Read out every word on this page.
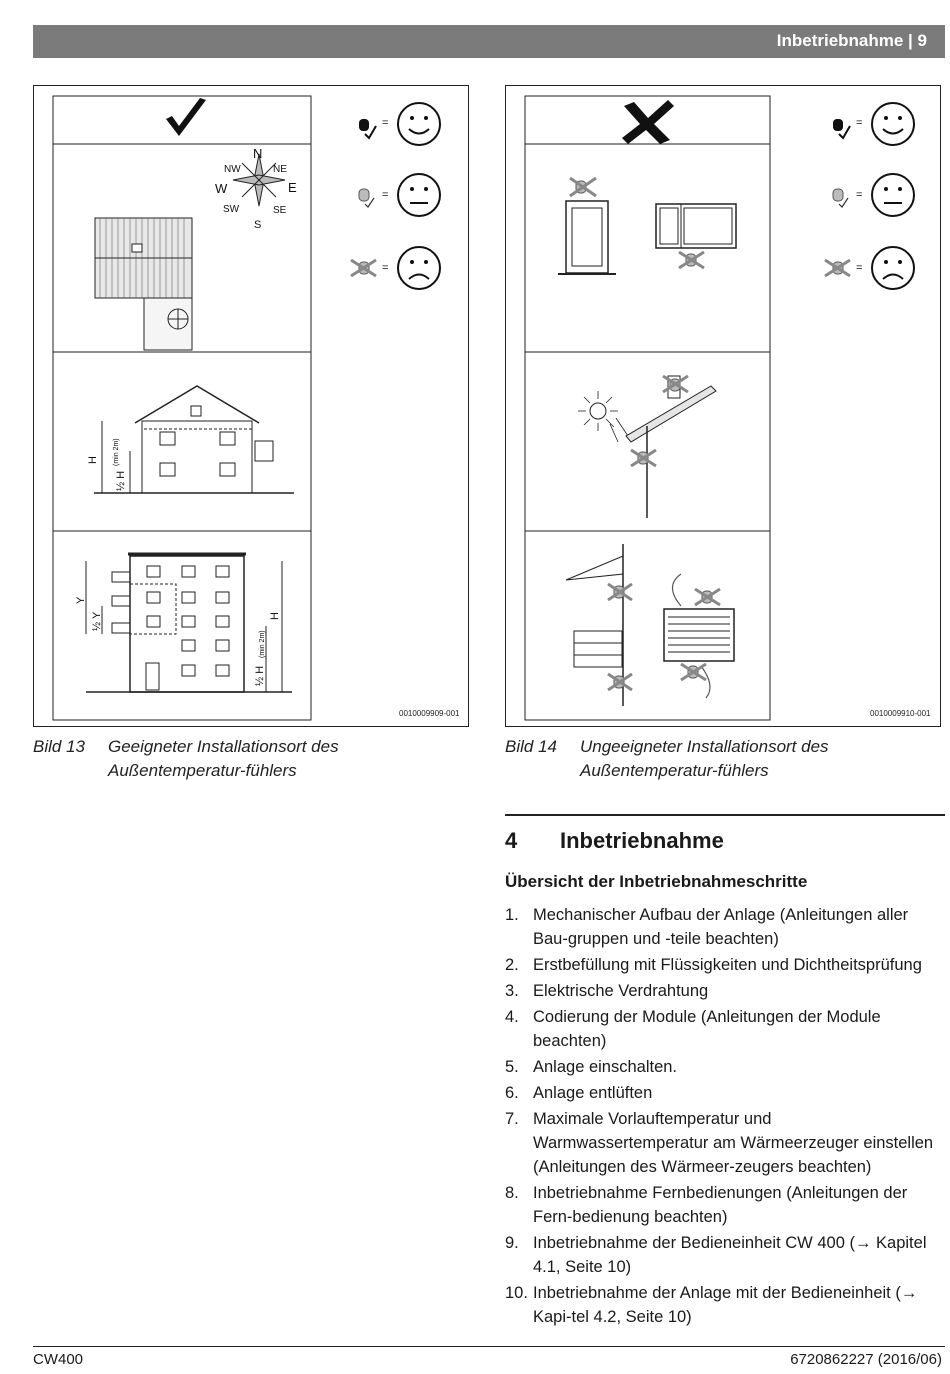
Inbetriebnahme | 9
=
=
=
N
NW	NE
W	E
SW	SE
S
H
½ H
(min 2m)
Y
½ Y	H
½ H
(min 2m)
0010009909-001
=
=
=
0010009910-001
Bild 13	Geeigneter Installationsort des Außentemperatur-fühlers
Bild 14	Ungeeigneter Installationsort des Außentemperatur-fühlers
4 Inbetriebnahme
Übersicht der Inbetriebnahmeschritte
1. Mechanischer Aufbau der Anlage (Anleitungen aller Bau-gruppen und -teile beachten)
2. Erstbefüllung mit Flüssigkeiten und Dichtheitsprüfung
3. Elektrische Verdrahtung
4. Codierung der Module (Anleitungen der Module beachten)
5. Anlage einschalten.
6. Anlage entlüften
7. Maximale Vorlauftemperatur und Warmwassertemperatur am Wärmeerzeuger einstellen (Anleitungen des Wärmeer-zeugers beachten)
8. Inbetriebnahme Fernbedienungen (Anleitungen der Fern-bedienung beachten)
9. Inbetriebnahme der Bedieneinheit CW 400 (→ Kapitel 4.1, Seite 10)
10. Inbetriebnahme der Anlage mit der Bedieneinheit (→ Kapi-tel 4.2, Seite 10)
CW400	6720862227 (2016/06)
